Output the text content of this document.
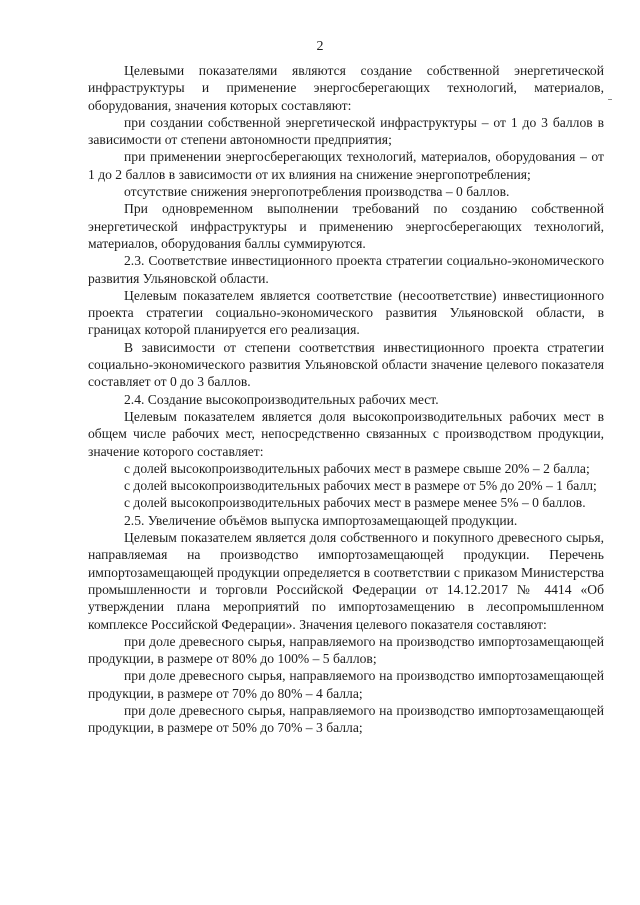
2

Целевыми показателями являются создание собственной энергетической инфраструктуры и применение энергосберегающих технологий, материалов, оборудования, значения которых составляют:

при создании собственной энергетической инфраструктуры – от 1 до 3 баллов в зависимости от степени автономности предприятия;

при применении энергосберегающих технологий, материалов, оборудования – от 1 до 2 баллов в зависимости от их влияния на снижение энергопотребления;

отсутствие снижения энергопотребления производства – 0 баллов.

При одновременном выполнении требований по созданию собственной энергетической инфраструктуры и применению энергосберегающих технологий, материалов, оборудования баллы суммируются.

2.3. Соответствие инвестиционного проекта стратегии социально-экономического развития Ульяновской области.

Целевым показателем является соответствие (несоответствие) инвестиционного проекта стратегии социально-экономического развития Ульяновской области, в границах которой планируется его реализация.

В зависимости от степени соответствия инвестиционного проекта стратегии социально-экономического развития Ульяновской области значение целевого показателя составляет от 0 до 3 баллов.

2.4. Создание высокопроизводительных рабочих мест.

Целевым показателем является доля высокопроизводительных рабочих мест в общем числе рабочих мест, непосредственно связанных с производством продукции, значение которого составляет:

с долей высокопроизводительных рабочих мест в размере свыше 20% – 2 балла;

с долей высокопроизводительных рабочих мест в размере от 5% до 20% – 1 балл;

с долей высокопроизводительных рабочих мест в размере менее 5% – 0 баллов.

2.5. Увеличение объёмов выпуска импортозамещающей продукции.

Целевым показателем является доля собственного и покупного древесного сырья, направляемая на производство импортозамещающей продукции. Перечень импортозамещающей продукции определяется в соответствии с приказом Министерства промышленности и торговли Российской Федерации от 14.12.2017 № 4414 «Об утверждении плана мероприятий по импортозамещению в лесопромышленном комплексе Российской Федерации». Значения целевого показателя составляют:

при доле древесного сырья, направляемого на производство импортозамещающей продукции, в размере от 80% до 100% – 5 баллов;

при доле древесного сырья, направляемого на производство импортозамещающей продукции, в размере от 70% до 80% – 4 балла;

при доле древесного сырья, направляемого на производство импортозамещающей продукции, в размере от 50% до 70% – 3 балла;
